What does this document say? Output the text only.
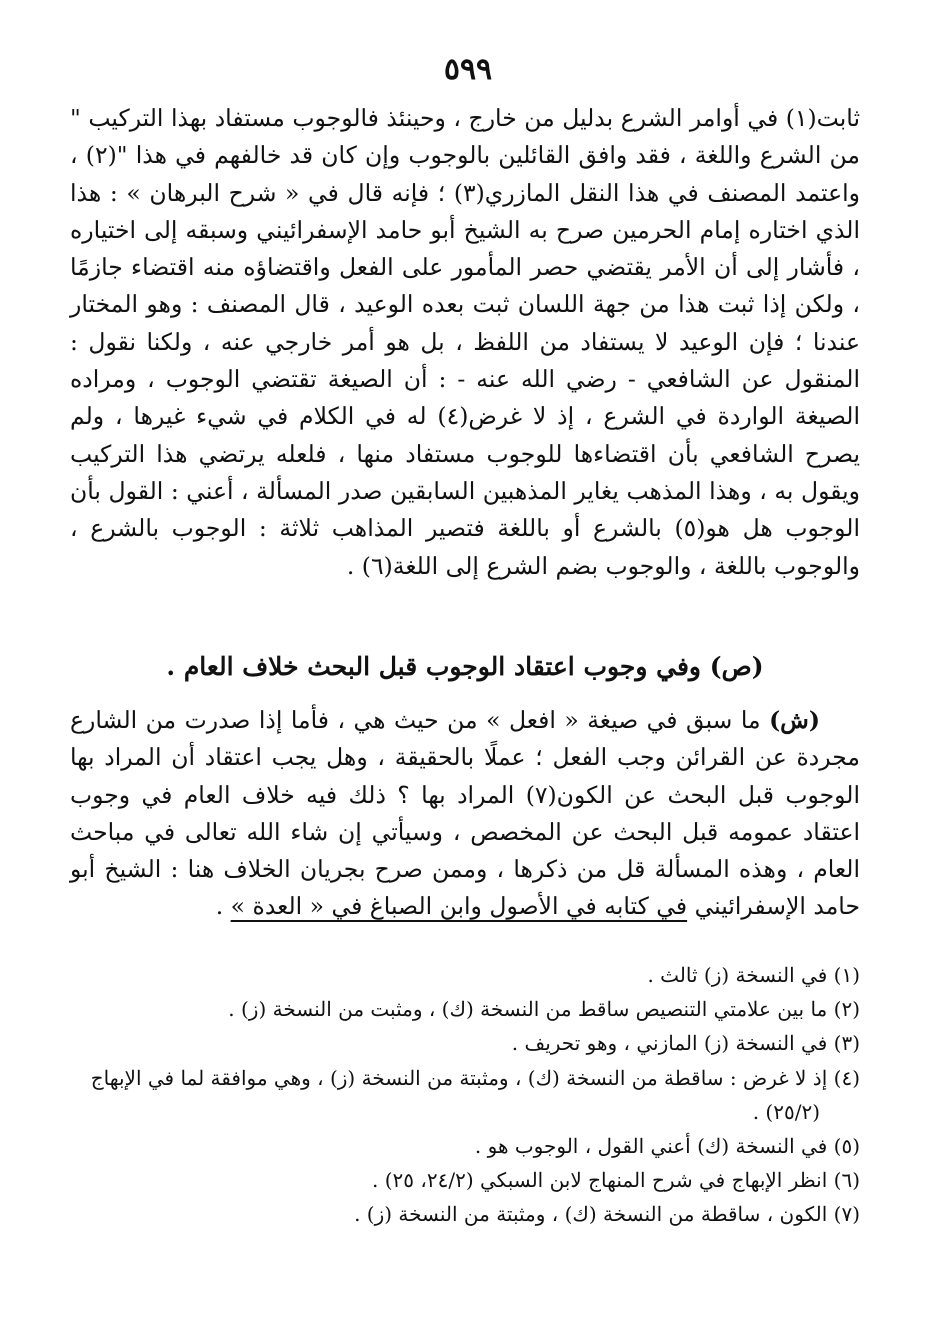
٥٩٩

ثابت(١) في أوامر الشرع بدليل من خارج ، وحينئذ فالوجوب مستفاد بهذا التركيب " من الشرع واللغة ، فقد وافق القائلين بالوجوب وإن كان قد خالفهم في هذا "(٢) ، واعتمد المصنف في هذا النقل المازري(٣) ؛ فإنه قال في « شرح البرهان » : هذا الذي اختاره إمام الحرمين صرح به الشيخ أبو حامد الإسفرائيني وسبقه إلى اختياره ، فأشار إلى أن الأمر يقتضي حصر المأمور على الفعل واقتضاؤه منه اقتضاء جازمًا ، ولكن إذا ثبت هذا من جهة اللسان ثبت بعده الوعيد ، قال المصنف : وهو المختار عندنا ؛ فإن الوعيد لا يستفاد من اللفظ ، بل هو أمر خارجي عنه ، ولكنا نقول : المنقول عن الشافعي - رضي الله عنه - : أن الصيغة تقتضي الوجوب ، ومراده الصيغة الواردة في الشرع ، إذ لا غرض(٤) له في الكلام في شيء غيرها ، ولم يصرح الشافعي بأن اقتضاءها للوجوب مستفاد منها ، فلعله يرتضي هذا التركيب ويقول به ، وهذا المذهب يغاير المذهبين السابقين صدر المسألة ، أعني : القول بأن الوجوب هل هو(٥) بالشرع أو باللغة فتصير المذاهب ثلاثة : الوجوب بالشرع ، والوجوب باللغة ، والوجوب بضم الشرع إلى اللغة(٦) .

(ص) وفي وجوب اعتقاد الوجوب قبل البحث خلاف العام .

(ش) ما سبق في صيغة « افعل » من حيث هي ، فأما إذا صدرت من الشارع مجردة عن القرائن وجب الفعل ؛ عملًا بالحقيقة ، وهل يجب اعتقاد أن المراد بها الوجوب قبل البحث عن الكون(٧) المراد بها ؟ ذلك فيه خلاف العام في وجوب اعتقاد عمومه قبل البحث عن المخصص ، وسيأتي إن شاء الله تعالى في مباحث العام ، وهذه المسألة قل من ذكرها ، وممن صرح بجريان الخلاف هنا : الشيخ أبو حامد الإسفرائيني في كتابه في الأصول وابن الصباغ في « العدة » .

(١) في النسخة (ز) ثالث .

(٢) ما بين علامتي التنصيص ساقط من النسخة (ك) ، ومثبت من النسخة (ز) .

(٣) في النسخة (ز) المازني ، وهو تحريف .

(٤) إذ لا غرض : ساقطة من النسخة (ك) ، ومثبتة من النسخة (ز) ، وهي موافقة لما في الإبهاج

(٢٥/٢) .

(٥) في النسخة (ك) أعني القول ، الوجوب هو .

(٦) انظر الإبهاج في شرح المنهاج لابن السبكي (٢٤/٢، ٢٥) .

(٧) الكون ، ساقطة من النسخة (ك) ، ومثبتة من النسخة (ز) .
